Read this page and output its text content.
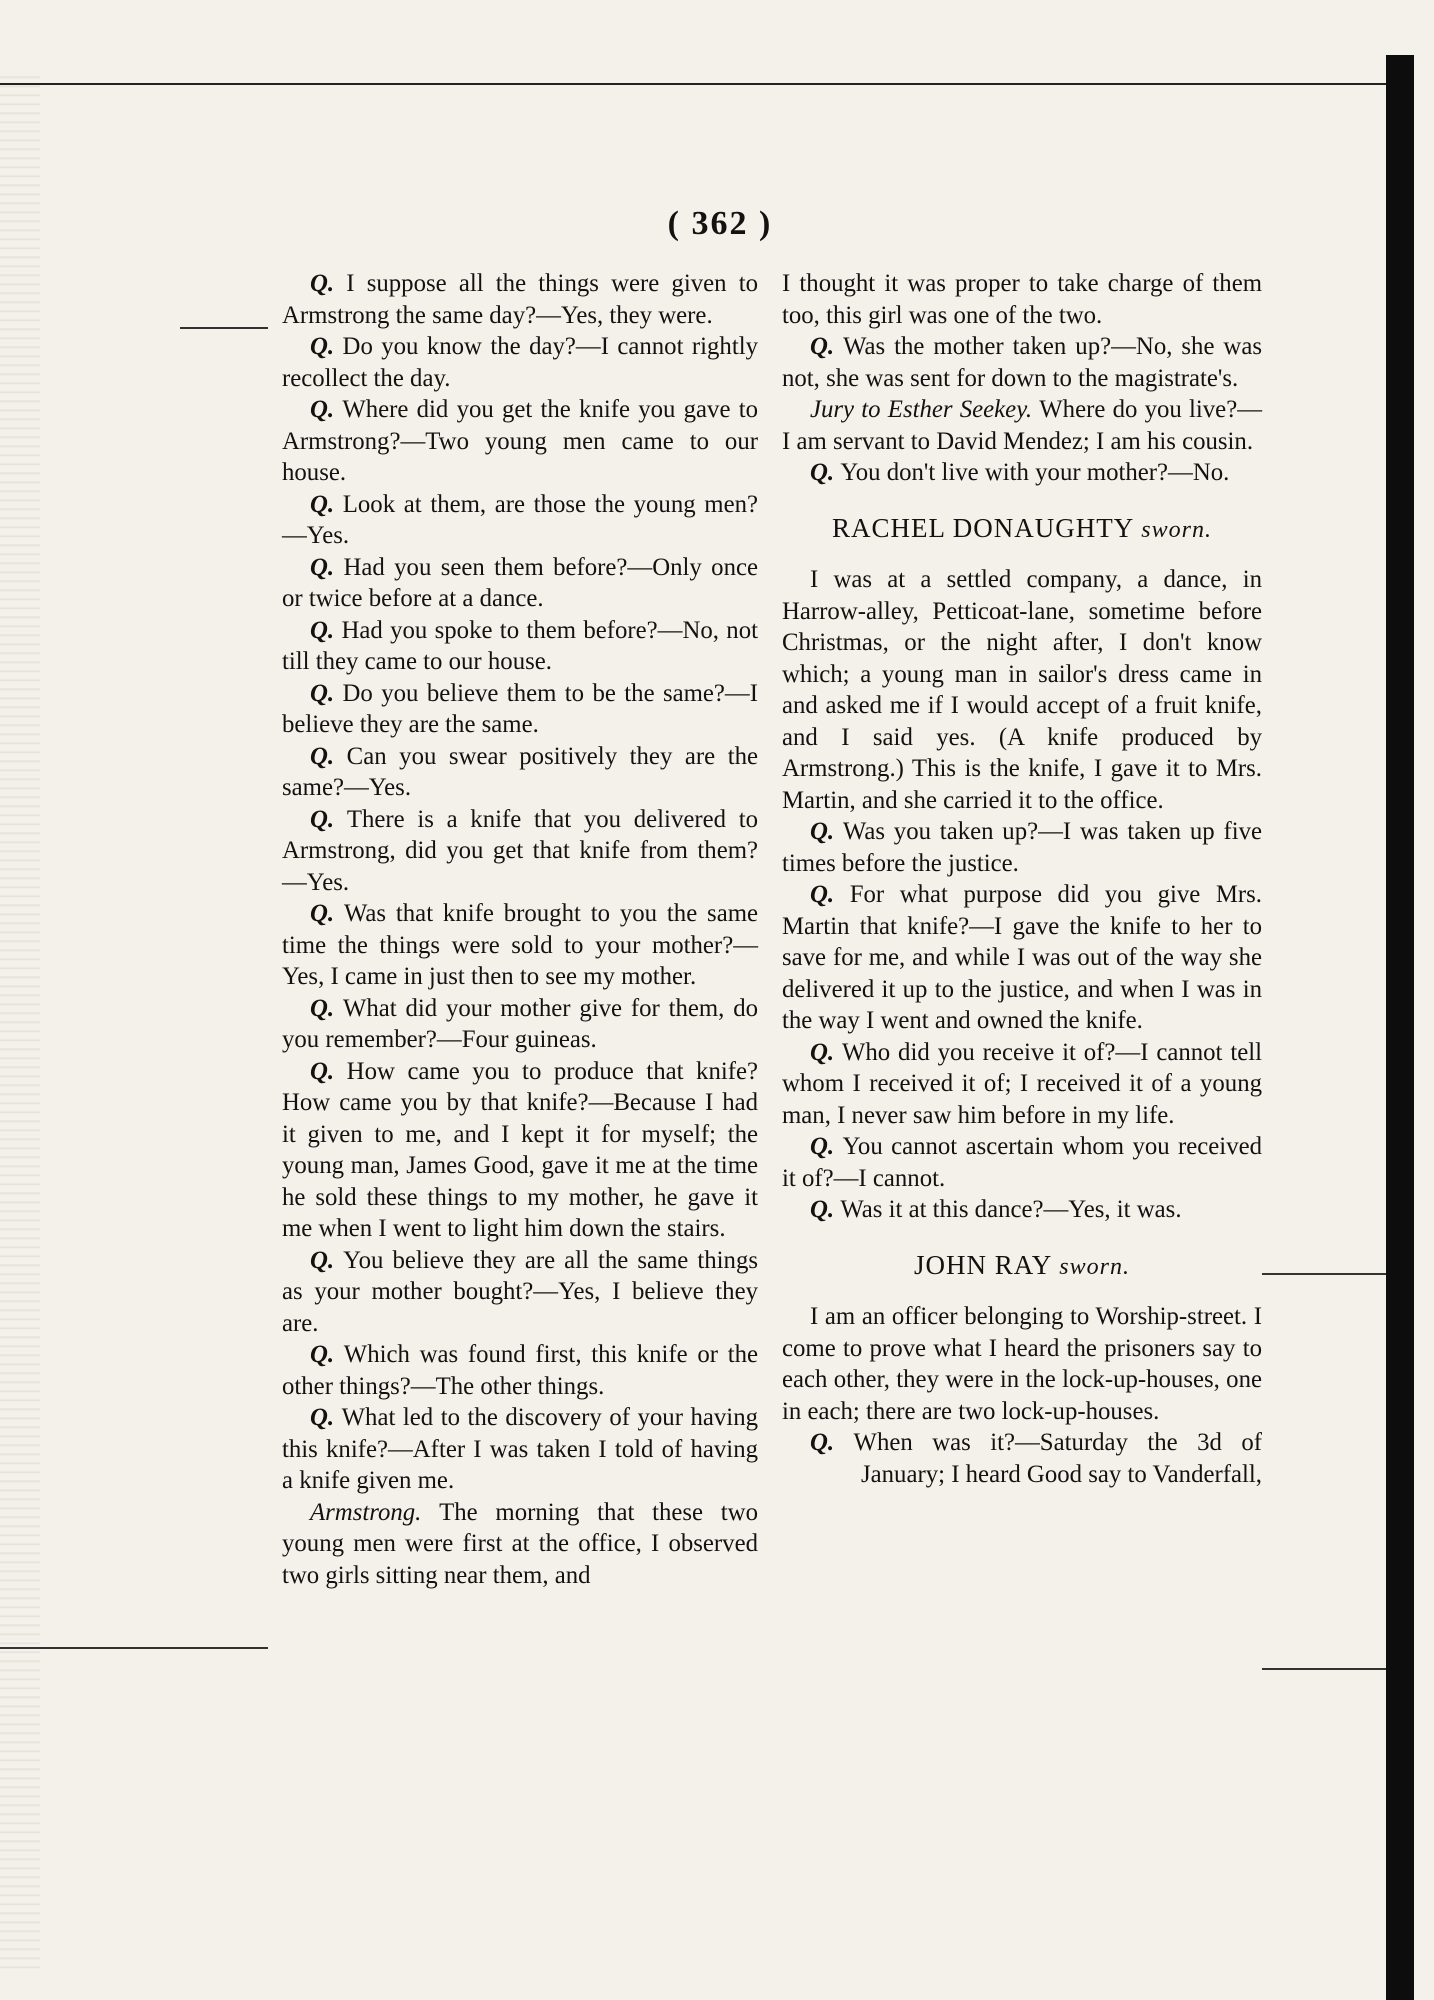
( 362 )

Q. I suppose all the things were given to Armstrong the same day?—Yes, they were.

Q. Do you know the day?—I cannot rightly recollect the day.

Q. Where did you get the knife you gave to Armstrong?—Two young men came to our house.

Q. Look at them, are those the young men?—Yes.

Q. Had you seen them before?—Only once or twice before at a dance.

Q. Had you spoke to them before?—No, not till they came to our house.

Q. Do you believe them to be the same?—I believe they are the same.

Q. Can you swear positively they are the same?—Yes.

Q. There is a knife that you delivered to Armstrong, did you get that knife from them?—Yes.

Q. Was that knife brought to you the same time the things were sold to your mother?—Yes, I came in just then to see my mother.

Q. What did your mother give for them, do you remember?—Four guineas.

Q. How came you to produce that knife? How came you by that knife?—Because I had it given to me, and I kept it for myself; the young man, James Good, gave it me at the time he sold these things to my mother, he gave it me when I went to light him down the stairs.

Q. You believe they are all the same things as your mother bought?—Yes, I believe they are.

Q. Which was found first, this knife or the other things?—The other things.

Q. What led to the discovery of your having this knife?—After I was taken I told of having a knife given me.

Armstrong. The morning that these two young men were first at the office, I observed two girls sitting near them, and

I thought it was proper to take charge of them too, this girl was one of the two.

Q. Was the mother taken up?—No, she was not, she was sent for down to the magistrate's.

Jury to Esther Seekey. Where do you live?—I am servant to David Mendez; I am his cousin.

Q. You don't live with your mother?—No.

RACHEL DONAUGHTY sworn.

I was at a settled company, a dance, in Harrow-alley, Petticoat-lane, sometime before Christmas, or the night after, I don't know which; a young man in sailor's dress came in and asked me if I would accept of a fruit knife, and I said yes. (A knife produced by Armstrong.) This is the knife, I gave it to Mrs. Martin, and she carried it to the office.

Q. Was you taken up?—I was taken up five times before the justice.

Q. For what purpose did you give Mrs. Martin that knife?—I gave the knife to her to save for me, and while I was out of the way she delivered it up to the justice, and when I was in the way I went and owned the knife.

Q. Who did you receive it of?—I cannot tell whom I received it of; I received it of a young man, I never saw him before in my life.

Q. You cannot ascertain whom you received it of?—I cannot.

Q. Was it at this dance?—Yes, it was.

JOHN RAY sworn.

I am an officer belonging to Worship-street. I come to prove what I heard the prisoners say to each other, they were in the lock-up-houses, one in each; there are two lock-up-houses.

Q. When was it?—Saturday the 3d of January; I heard Good say to Vanderfall,
